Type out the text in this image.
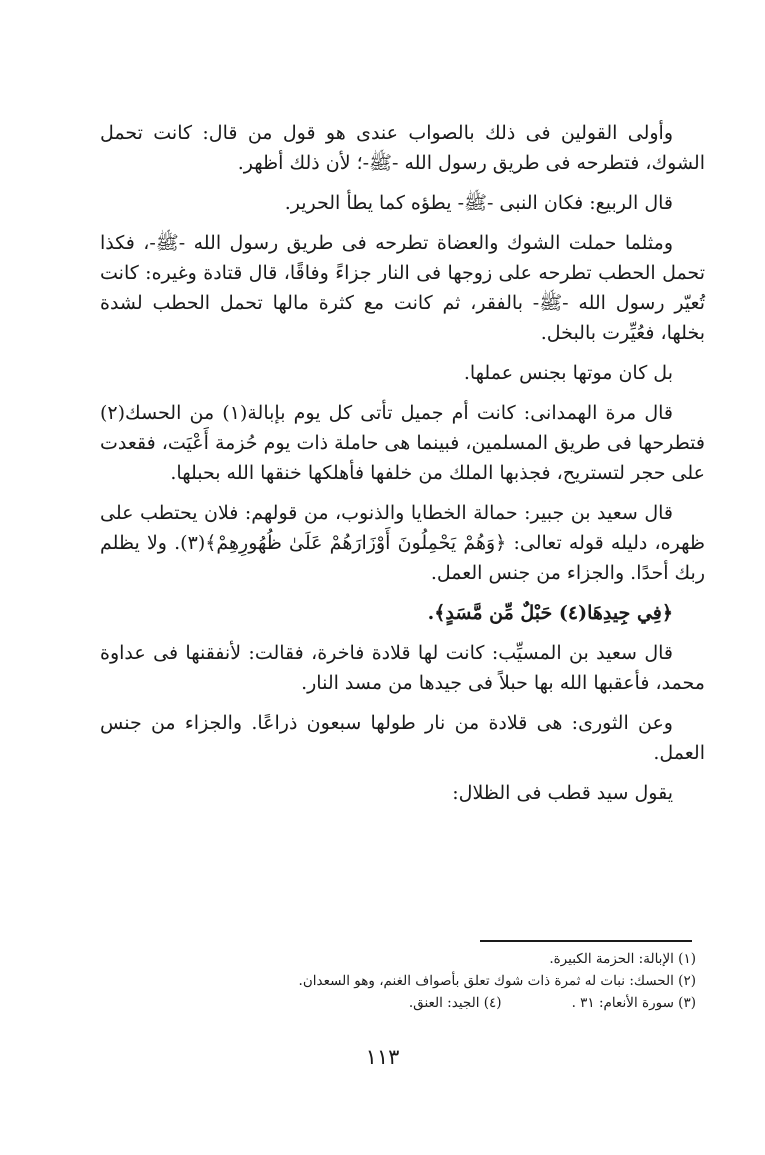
وأولى القولين فى ذلك بالصواب عندى هو قول من قال: كانت تحمل الشوك، فتطرحه فى طريق رسول الله -ﷺ-؛ لأن ذلك أظهر.

قال الربيع: فكان النبى -ﷺ- يطؤه كما يطأ الحرير.

ومثلما حملت الشوك والعضاة تطرحه فى طريق رسول الله -ﷺ-، فكذا تحمل الحطب تطرحه على زوجها فى النار جزاءً وفاقًا، قال قتادة وغيره: كانت تُعيّر رسول الله -ﷺ- بالفقر، ثم كانت مع كثرة مالها تحمل الحطب لشدة بخلها، فعُيِّرت بالبخل.

بل كان موتها بجنس عملها.

قال مرة الهمدانى: كانت أم جميل تأتى كل يوم بإبالة(١) من الحسك(٢) فتطرحها فى طريق المسلمين، فبينما هى حاملة ذات يوم حُزمة أَعْيَت، فقعدت على حجر لتستريح، فجذبها الملك من خلفها فأهلكها خنقها الله بحبلها.

قال سعيد بن جبير: حمالة الخطايا والذنوب، من قولهم: فلان يحتطب على ظهره، دليله قوله تعالى: ﴿وَهُمْ يَحْمِلُونَ أَوْزَارَهُمْ عَلَىٰ ظُهُورِهِمْ﴾(٣). ولا يظلم ربك أحدًا. والجزاء من جنس العمل.

﴿فِي جِيدِهَا(٤) حَبْلٌ مِّن مَّسَدٍ﴾.

قال سعيد بن المسيِّب: كانت لها قلادة فاخرة، فقالت: لأنفقنها فى عداوة محمد، فأعقبها الله بها حبلاً فى جيدها من مسد النار.

وعن الثورى: هى قلادة من نار طولها سبعون ذراعًا. والجزاء من جنس العمل.

يقول سيد قطب فى الظلال:

(١) الإبالة: الحزمة الكبيرة.

(٢) الحسك: نبات له ثمرة ذات شوك تعلق بأصواف الغنم، وهو السعدان.

(٣) سورة الأنعام: ٣١ .

(٤) الجيد: العنق.

١١٣
